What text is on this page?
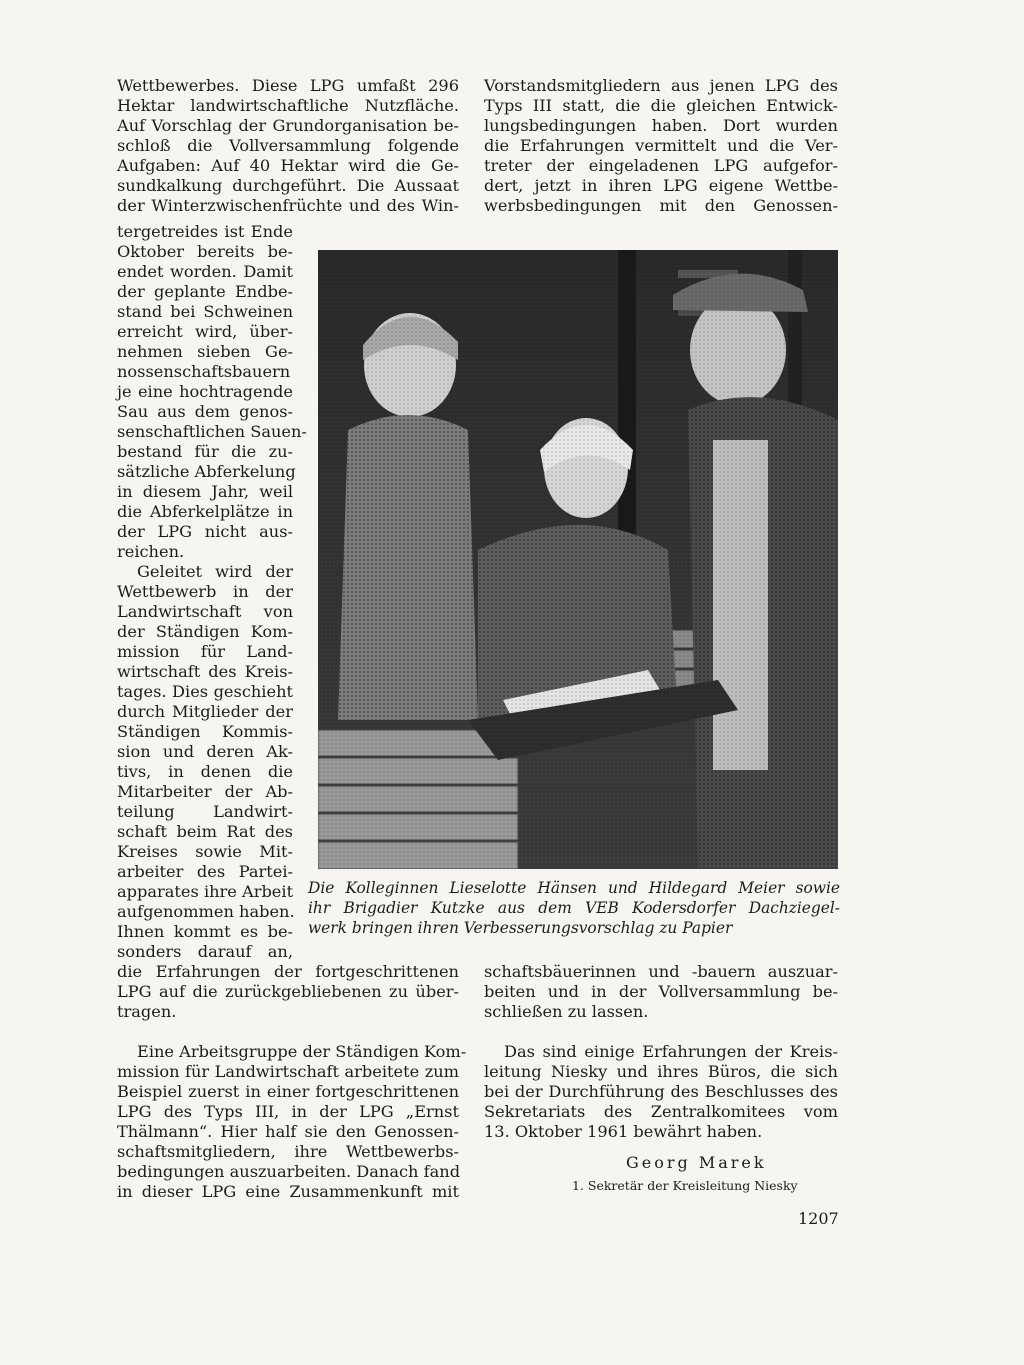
Wettbewerbes. Diese LPG umfaßt 296
Hektar landwirtschaftliche Nutzfläche.
Auf Vorschlag der Grundorganisation be-
schloß die Vollversammlung folgende
Aufgaben: Auf 40 Hektar wird die Ge-
sundkalkung durchgeführt. Die Aussaat
der Winterzwischenfrüchte und des Win-
Vorstandsmitgliedern aus jenen LPG des
Typs III statt, die die gleichen Entwick-
lungsbedingungen haben. Dort wurden
die Erfahrungen vermittelt und die Ver-
treter der eingeladenen LPG aufgefor-
dert, jetzt in ihren LPG eigene Wettbe-
werbsbedingungen mit den Genossen-
tergetreides ist Ende
Oktober bereits be-
endet worden. Damit
der geplante Endbe-
stand bei Schweinen
erreicht wird, über-
nehmen sieben Ge-
nossenschaftsbauern
je eine hochtragende
Sau aus dem genos-
senschaftlichen Sauen-
bestand für die zu-
sätzliche Abferkelung
in diesem Jahr, weil
die Abferkelplätze in
der LPG nicht aus-
reichen.
Geleitet wird der
Wettbewerb in der
Landwirtschaft von
der Ständigen Kom-
mission für Land-
wirtschaft des Kreis-
tages. Dies geschieht
durch Mitglieder der
Ständigen Kommis-
sion und deren Ak-
tivs, in denen die
Mitarbeiter der Ab-
teilung Landwirt-
schaft beim Rat des
Kreises sowie Mit-
arbeiter des Partei-
apparates ihre Arbeit
aufgenommen haben.
Ihnen kommt es be-
sonders darauf an,
Die Kolleginnen Lieselotte Hänsen und Hildegard Meier sowie
ihr Brigadier Kutzke aus dem VEB Kodersdorfer Dachziegel-
werk bringen ihren Verbesserungsvorschlag zu Papier
die Erfahrungen der fortgeschrittenen
LPG auf die zurückgebliebenen zu über-
tragen.

Eine Arbeitsgruppe der Ständigen Kom-
mission für Landwirtschaft arbeitete zum
Beispiel zuerst in einer fortgeschrittenen
LPG des Typs III, in der LPG „Ernst
Thälmann“. Hier half sie den Genossen-
schaftsmitgliedern, ihre Wettbewerbs-
bedingungen auszuarbeiten. Danach fand
in dieser LPG eine Zusammenkunft mit
schaftsbäuerinnen und -bauern auszuar-
beiten und in der Vollversammlung be-
schließen zu lassen.

Das sind einige Erfahrungen der Kreis-
leitung Niesky und ihres Büros, die sich
bei der Durchführung des Beschlusses des
Sekretariats des Zentralkomitees vom
13. Oktober 1961 bewährt haben.
Georg Marek
1. Sekretär der Kreisleitung Niesky
1207
